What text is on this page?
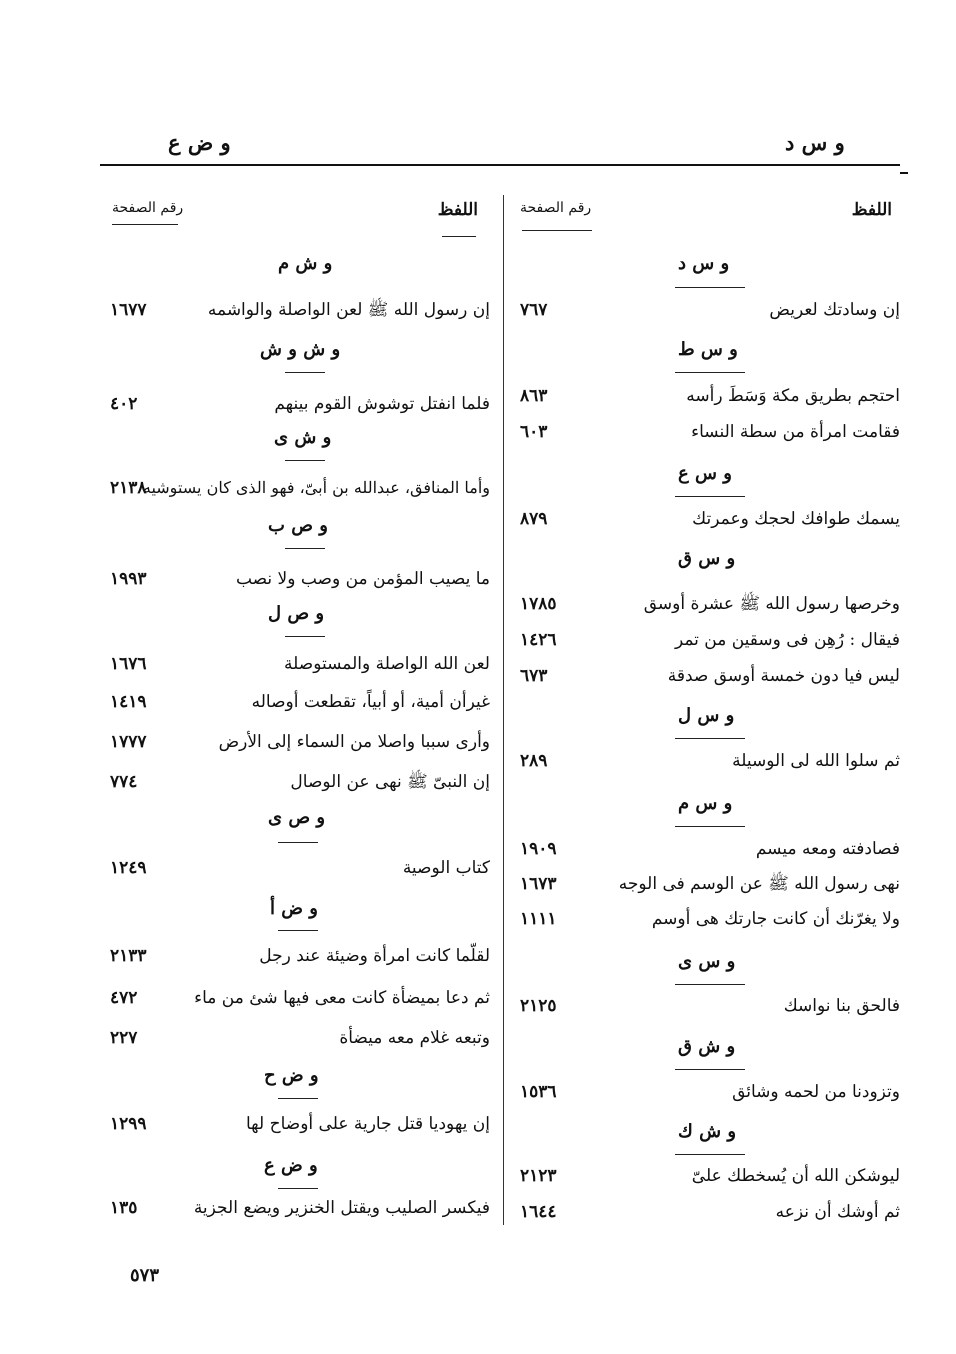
و س د
و ض ع
اللفظ
رقم الصفحة
و س د
إن وسادتك لعريض
٧٦٧
و س ط
احتجم بطريق مكة وَسَطَ رأسه
٨٦٣
فقامت امرأة من سطة النساء
٦٠٣
و س ع
يسمك طوافك لحجك وعمرتك
٨٧٩
و س ق
وخرصها رسول الله ﷺ عشرة أوسق
١٧٨٥
فيقال : رُهِن فى وسقين من تمر
١٤٢٦
ليس فيا دون خمسة أوسق صدقة
٦٧٣
و س ل
ثم سلوا الله لى الوسيلة
٢٨٩
و س م
فصادفته ومعه ميسم
١٩٠٩
نهى رسول الله ﷺ عن الوسم فى الوجه
١٦٧٣
ولا يغرّنك أن كانت جارتك هى أوسم
١١١١
و س ى
فالحق بنا نواسك
٢١٢٥
و ش ق
وتزودنا من لحمه وشائق
١٥٣٦
و ش ك
ليوشكن الله أن يُسخطك علىّ
٢١٢٣
ثم أوشك أن نزعه
١٦٤٤
اللفظ
رقم الصفحة
و ش م
إن رسول الله ﷺ لعن الواصلة والواشمه
١٦٧٧
و ش و ش
فلما انفتل توشوش القوم بينهم
٤٠٢
و ش ى
وأما المنافق، عبدالله بن أبىّ، فهو الذى كان يستوشيه
٢١٣٨
و ص ب
ما يصيب المؤمن من وصب ولا نصب
١٩٩٣
و ص ل
لعن الله الواصلة والمستوصلة
١٦٧٦
غيرأن أمية، أو أبياً، تقطعت أوصاله
١٤١٩
وأرى سببا واصلا من السماء إلى الأرض
١٧٧٧
إن النبىّ ﷺ نهى عن الوصال
٧٧٤
و ص ى
كتاب الوصية
١٢٤٩
و ض أ
لقلّما كانت امرأة وضيئة عند رجل
٢١٣٣
ثم دعا بميضأة كانت معى فيها شئ من ماء
٤٧٢
وتبعه غلام معه ميضأة
٢٢٧
و ض ح
إن يهوديا قتل جارية على أوضاح لها
١٢٩٩
و ض ع
فيكسر الصليب ويقتل الخنزير ويضع الجزية
١٣٥
٥٧٣
